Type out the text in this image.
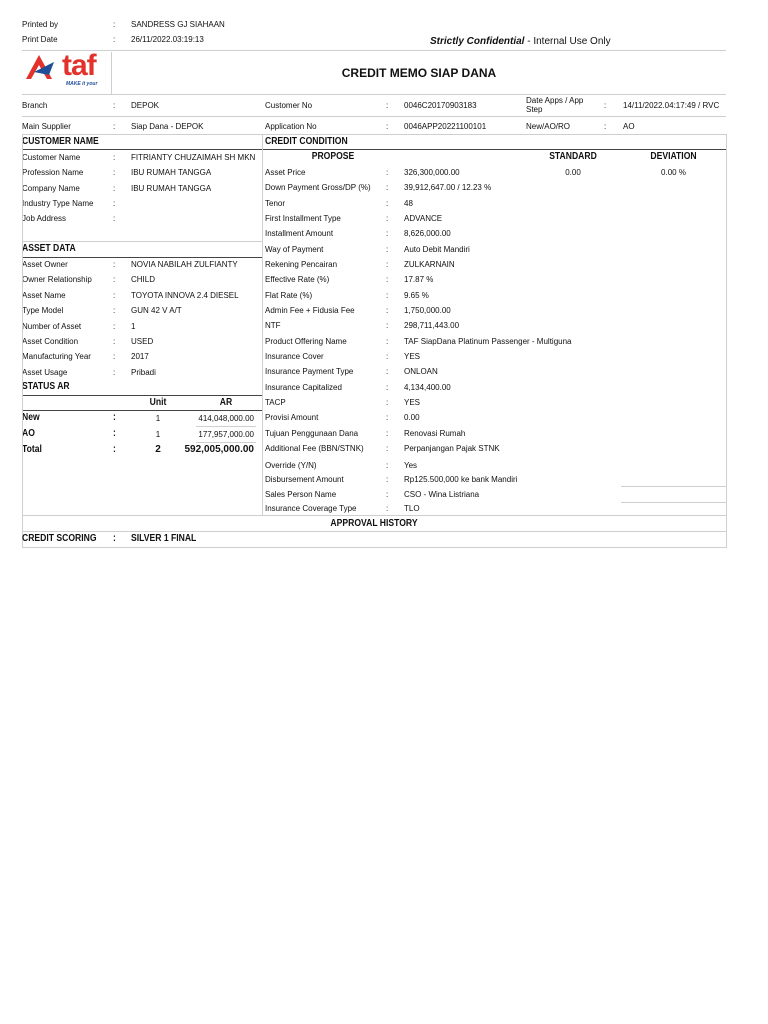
Printed by	: SANDRESS GJ SIAHAAN
Print Date	: 26/11/2022.03:19:13	Strictly Confidential - Internal Use Only
taf
MAKE it your
CREDIT MEMO SIAP DANA
Branch	: DEPOK	Customer No	: 0046C20170903183
Date Apps / App
Step	: 14/11/2022.04:17:49 / RVC
Main Supplier	: Siap Dana - DEPOK	Application No	: 0046APP20221100101	New/AO/RO	: AO
CUSTOMER NAME	CREDIT CONDITION
PROPOSE	STANDARD	DEVIATION
Customer Name	: FITRIANTY CHUZAIMAH SH MKN
Profession Name	: IBU RUMAH TANGGA
Company Name	: IBU RUMAH TANGGA
Industry Type Name :
Job Address	:
ASSET DATA
Asset Owner	: NOVIA NABILAH ZULFIANTY
Owner Relationship	: CHILD
Asset Name	: TOYOTA INNOVA 2.4 DIESEL
Type Model	: GUN 42 V A/T
Number of Asset	: 1
Asset Condition	: USED
Manufacturing Year	: 2017
Asset Usage	: Pribadi
STATUS AR
Unit	AR
New	:	1	414,048,000.00
AO	:	1	177,957,000.00
Total	:	2	592,005,000.00
Asset Price	: 326,300,000.00	0.00	0.00 %
Down Payment Gross/DP (%) : 39,912,647.00 / 12.23 %
Tenor	: 48
First Installment Type	: ADVANCE
Installment Amount	: 8,626,000.00
Way of Payment	: Auto Debit Mandiri
Rekening Pencairan	: ZULKARNAIN
Effective Rate (%)	: 17.87 %
Flat Rate (%)	: 9.65 %
Admin Fee + Fidusia Fee	: 1,750,000.00
NTF	: 298,711,443.00
Product Offering Name	: TAF SiapDana Platinum Passenger - Multiguna
Insurance Cover	: YES
Insurance Payment Type	: ONLOAN
Insurance Capitalized	: 4,134,400.00
TACP	: YES
Provisi Amount	: 0.00
Tujuan Penggunaan Dana	: Renovasi Rumah
Additional Fee (BBN/STNK)	: Perpanjangan Pajak STNK
Override (Y/N)	: Yes
Disbursement Amount	: Rp125.500,000 ke bank Mandiri
Sales Person Name	: CSO - Wina Listriana
Insurance Coverage Type	: TLO
APPROVAL HISTORY
CREDIT SCORING : SILVER 1 FINAL
